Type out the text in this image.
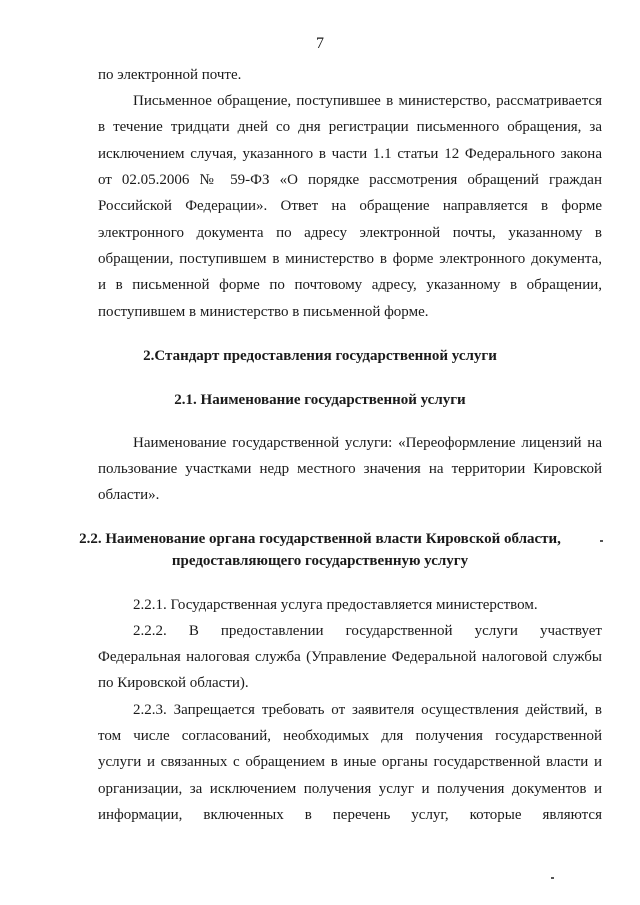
7
по электронной почте.
Письменное обращение, поступившее в министерство, рассматривается
в течение тридцати дней со дня регистрации письменного обращения, за
исключением случая, указанного в части 1.1 статьи 12 Федерального закона
от 02.05.2006 № 59-ФЗ «О порядке рассмотрения обращений граждан
Российской Федерации». Ответ на обращение направляется в форме
электронного документа по адресу электронной почты, указанному в
обращении, поступившем в министерство в форме электронного документа,
и в письменной форме по почтовому адресу, указанному в обращении,
поступившем в министерство в письменной форме.
2.Стандарт предоставления государственной услуги
2.1. Наименование государственной услуги
Наименование государственной услуги: «Переоформление лицензий на
пользование участками недр местного значения на территории Кировской
области».
2.2. Наименование органа государственной власти Кировской области,
предоставляющего государственную услугу
2.2.1. Государственная услуга предоставляется министерством.
2.2.2. В предоставлении государственной услуги участвует
Федеральная налоговая служба (Управление Федеральной налоговой службы
по Кировской области).
2.2.3. Запрещается требовать от заявителя осуществления действий, в
том числе согласований, необходимых для получения государственной
услуги и связанных с обращением в иные органы государственной власти и
организации, за исключением получения услуг и получения документов и
информации, включенных в перечень услуг, которые являются
